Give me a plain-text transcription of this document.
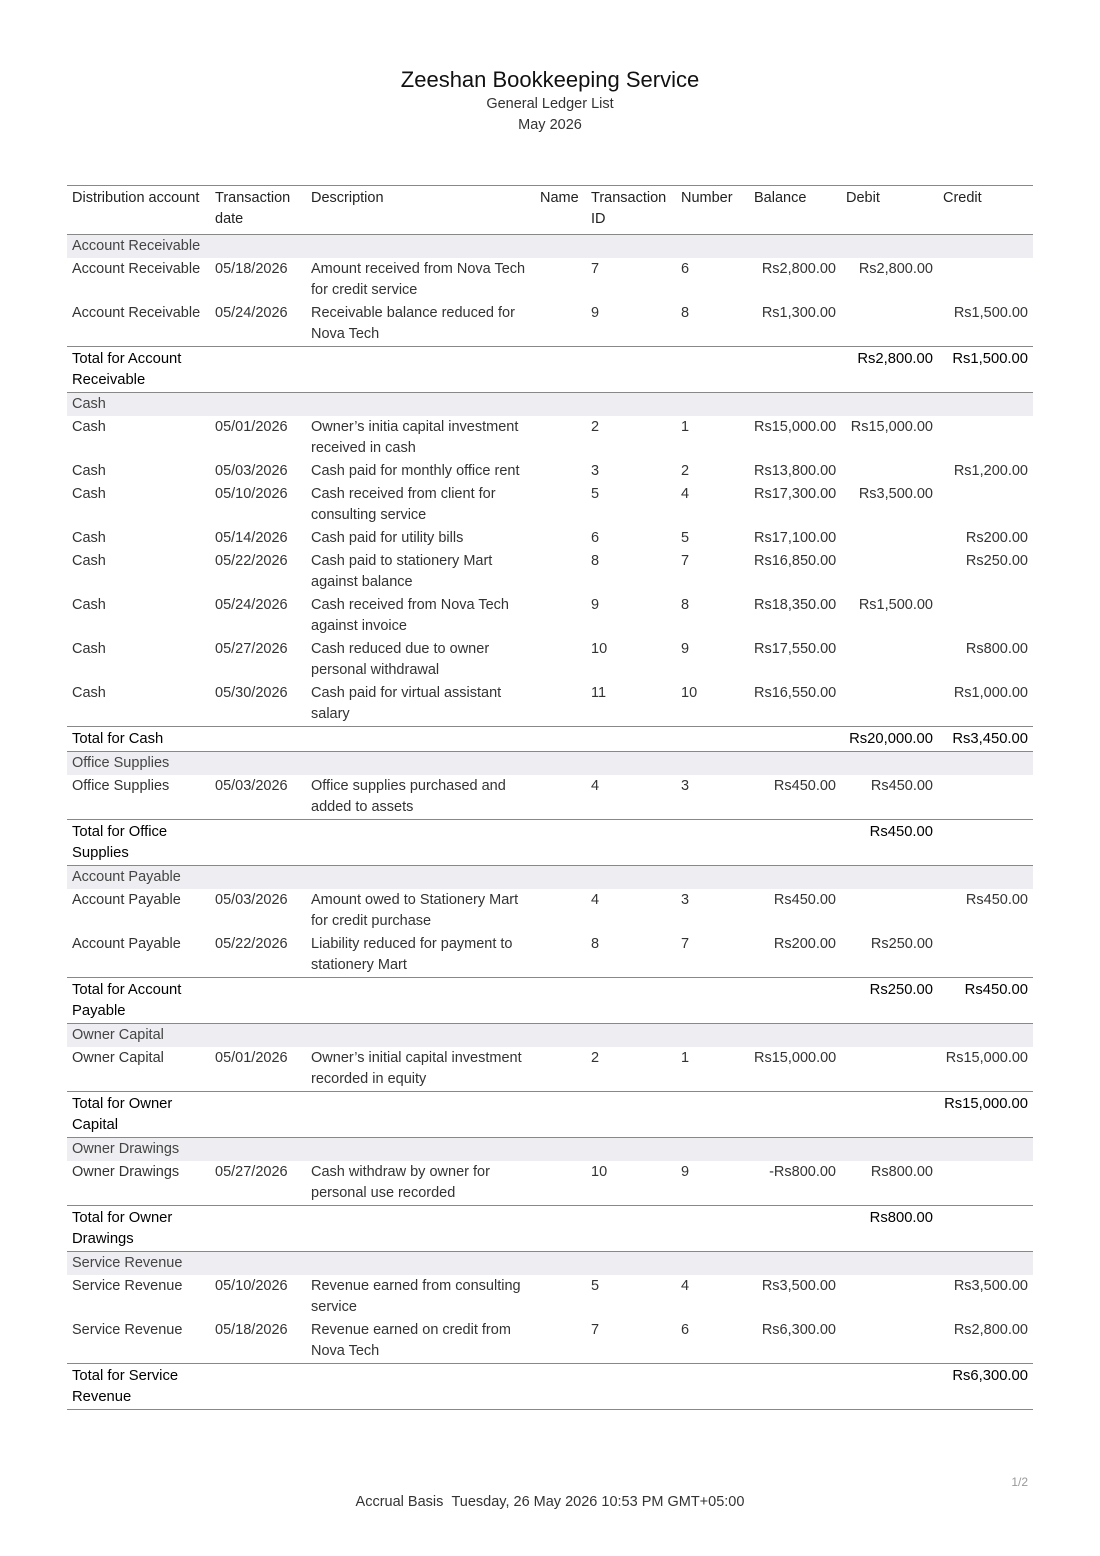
Zeeshan Bookkeeping Service
General Ledger List
May 2026
Distribution account	Transaction date	Description	Name	Transaction ID	Number	Balance	Debit	Credit
Account Receivable								
Account Receivable	05/18/2026	Amount received from Nova Tech for credit service		7	6	Rs2,800.00	Rs2,800.00	
Account Receivable	05/24/2026	Receivable balance reduced for Nova Tech		9	8	Rs1,300.00		Rs1,500.00
Total for Account Receivable							Rs2,800.00	Rs1,500.00
Cash								
Cash	05/01/2026	Owner’s initia capital investment received in cash		2	1	Rs15,000.00	Rs15,000.00	
Cash	05/03/2026	Cash paid for monthly office rent		3	2	Rs13,800.00		Rs1,200.00
Cash	05/10/2026	Cash received from client for consulting service		5	4	Rs17,300.00	Rs3,500.00	
Cash	05/14/2026	Cash paid for utility bills		6	5	Rs17,100.00		Rs200.00
Cash	05/22/2026	Cash paid to stationery Mart against balance		8	7	Rs16,850.00		Rs250.00
Cash	05/24/2026	Cash received from Nova Tech against invoice		9	8	Rs18,350.00	Rs1,500.00	
Cash	05/27/2026	Cash reduced due to owner personal withdrawal		10	9	Rs17,550.00		Rs800.00
Cash	05/30/2026	Cash paid for virtual assistant salary		11	10	Rs16,550.00		Rs1,000.00
Total for Cash							Rs20,000.00	Rs3,450.00
Office Supplies								
Office Supplies	05/03/2026	Office supplies purchased and added to assets		4	3	Rs450.00	Rs450.00	
Total for Office Supplies							Rs450.00	
Account Payable								
Account Payable	05/03/2026	Amount owed to Stationery Mart for credit purchase		4	3	Rs450.00		Rs450.00
Account Payable	05/22/2026	Liability reduced for payment to stationery Mart		8	7	Rs200.00	Rs250.00	
Total for Account Payable							Rs250.00	Rs450.00
Owner Capital								
Owner Capital	05/01/2026	Owner’s initial capital investment recorded in equity		2	1	Rs15,000.00		Rs15,000.00
Total for Owner Capital								Rs15,000.00
Owner Drawings								
Owner Drawings	05/27/2026	Cash withdraw by owner for personal use recorded		10	9	-Rs800.00	Rs800.00	
Total for Owner Drawings							Rs800.00	
Service Revenue								
Service Revenue	05/10/2026	Revenue earned from consulting service		5	4	Rs3,500.00		Rs3,500.00
Service Revenue	05/18/2026	Revenue earned on credit from Nova Tech		7	6	Rs6,300.00		Rs2,800.00
Total for Service Revenue								Rs6,300.00
1/2
Accrual Basis Tuesday, 26 May 2026 10:53 PM GMT+05:00
